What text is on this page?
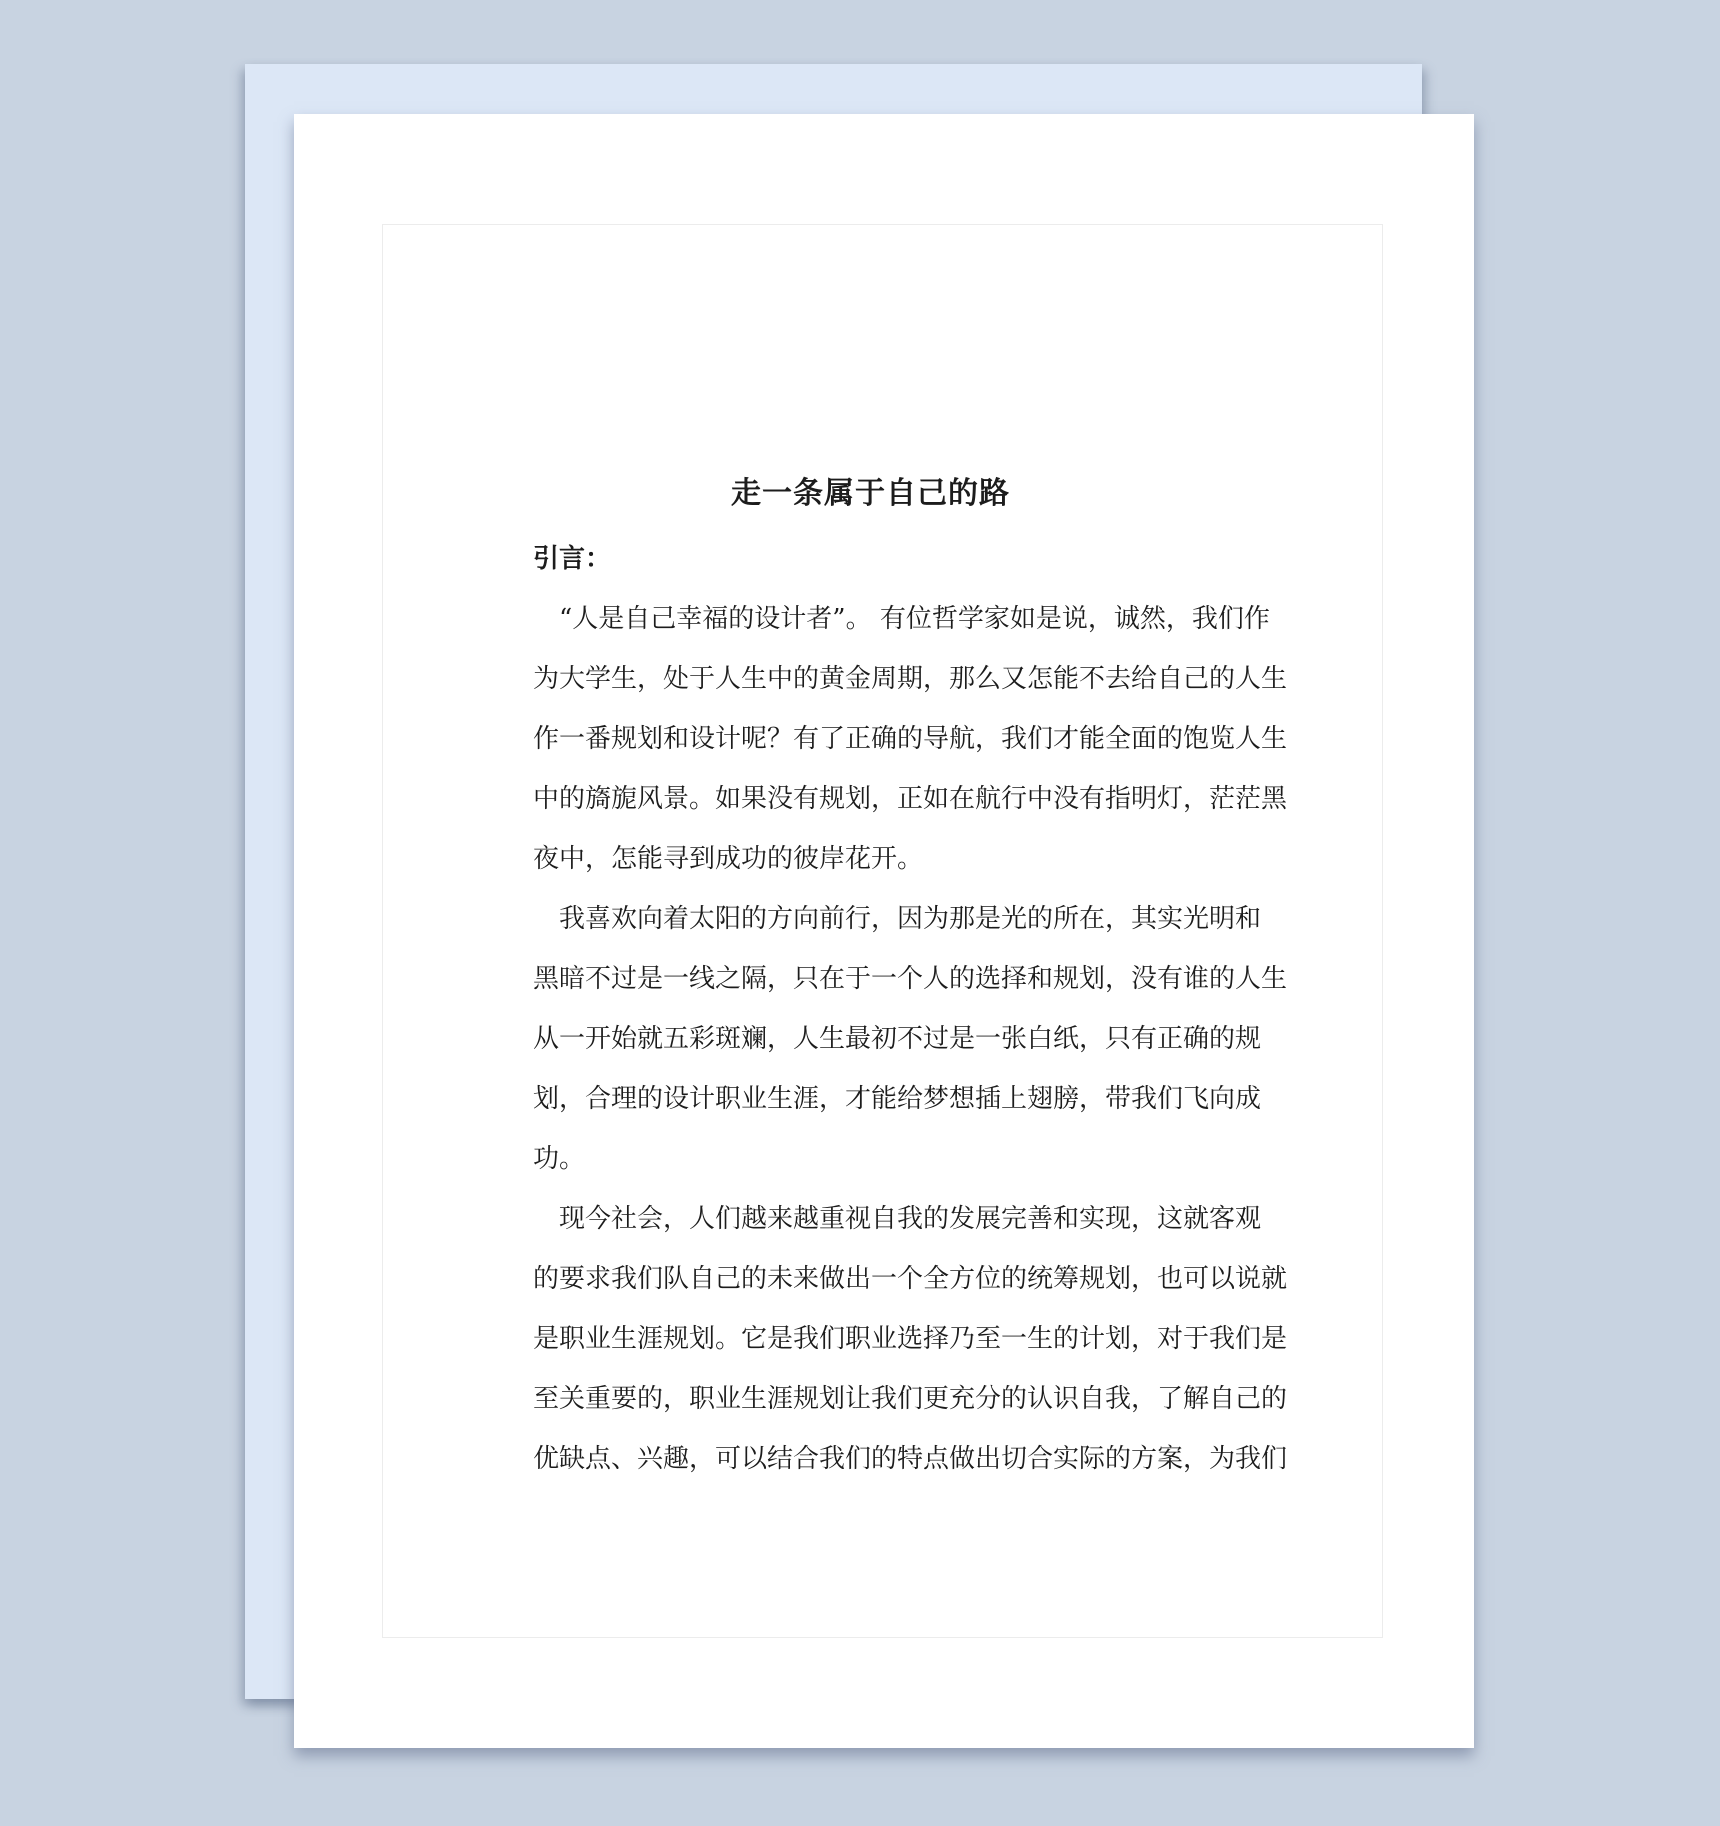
走一条属于自己的路
引言：
“人是自己幸福的设计者”。 有位哲学家如是说，诚然，我们作
为大学生，处于人生中的黄金周期，那么又怎能不去给自己的人生
作一番规划和设计呢？有了正确的导航，我们才能全面的饱览人生
中的旖旎风景。如果没有规划，正如在航行中没有指明灯，茫茫黑
夜中，怎能寻到成功的彼岸花开。
我喜欢向着太阳的方向前行，因为那是光的所在，其实光明和
黑暗不过是一线之隔，只在于一个人的选择和规划，没有谁的人生
从一开始就五彩斑斓，人生最初不过是一张白纸，只有正确的规
划，合理的设计职业生涯，才能给梦想插上翅膀，带我们飞向成
功。
现今社会，人们越来越重视自我的发展完善和实现，这就客观
的要求我们队自己的未来做出一个全方位的统筹规划，也可以说就
是职业生涯规划。它是我们职业选择乃至一生的计划，对于我们是
至关重要的，职业生涯规划让我们更充分的认识自我，了解自己的
优缺点、兴趣，可以结合我们的特点做出切合实际的方案，为我们
